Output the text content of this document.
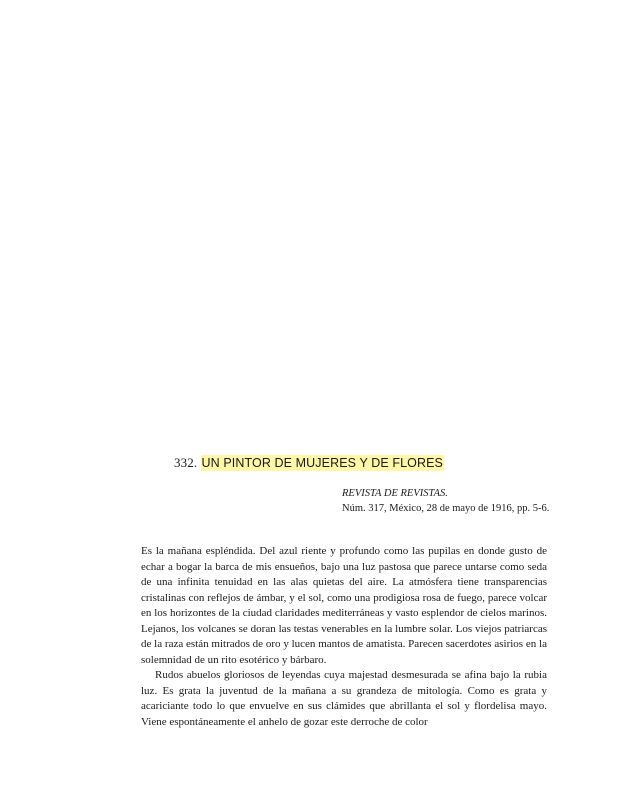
332. UN PINTOR DE MUJERES Y DE FLORES
REVISTA DE REVISTAS.
Núm. 317, México, 28 de mayo de 1916, pp. 5-6.

Es la mañana espléndida. Del azul riente y profundo como las pupilas en donde gusto de echar a bogar la barca de mis ensueños, bajo una luz pastosa que parece untarse como seda de una infinita tenuidad en las alas quietas del aire. La atmósfera tiene transparencias cristalinas con reflejos de ámbar, y el sol, como una prodigiosa rosa de fuego, parece volcar en los horizontes de la ciudad claridades mediterráneas y vasto esplendor de cielos marinos. Lejanos, los volcanes se doran las testas venerables en la lumbre solar. Los viejos patriarcas de la raza están mitrados de oro y lucen mantos de amatista. Parecen sacerdotes asirios en la solemnidad de un rito esotérico y bárbaro.

Rudos abuelos gloriosos de leyendas cuya majestad desmesurada se afina bajo la rubia luz. Es grata la juventud de la mañana a su grandeza de mitología. Como es grata y acariciante todo lo que envuelve en sus clámides que abrillanta el sol y flordelisa mayo. Viene espontáneamente el anhelo de gozar este derroche de color
